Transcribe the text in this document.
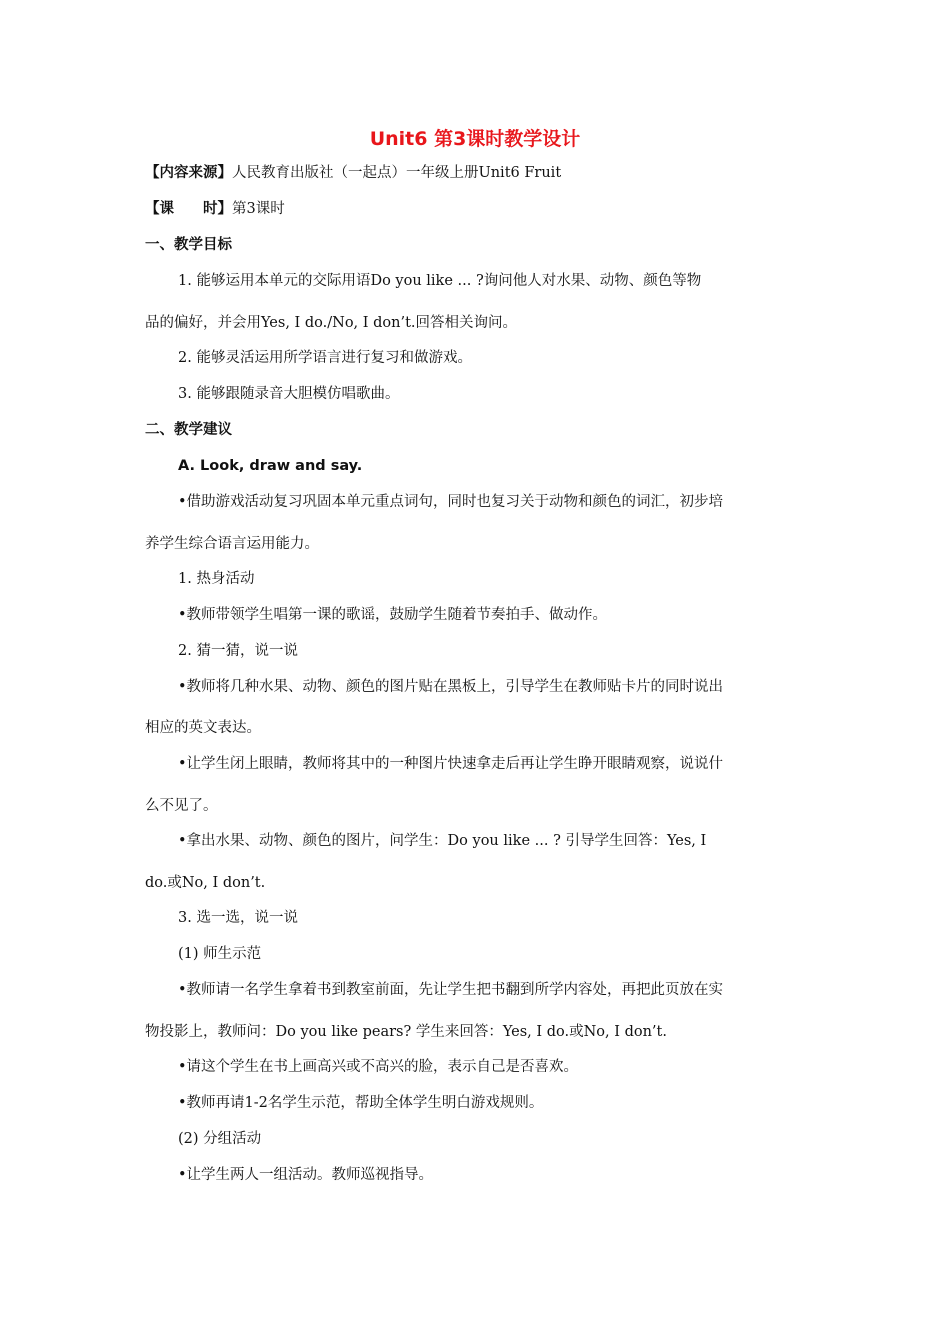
Unit6 第3课时教学设计
【内容来源】人民教育出版社（一起点）一年级上册Unit6 Fruit
【课　　时】第3课时
一、教学目标
1. 能够运用本单元的交际用语Do you like ... ?询问他人对水果、动物、颜色等物
品的偏好，并会用Yes, I do./No, I don’t.回答相关询问。
2. 能够灵活运用所学语言进行复习和做游戏。
3. 能够跟随录音大胆模仿唱歌曲。
二、教学建议
A. Look, draw and say.
•借助游戏活动复习巩固本单元重点词句，同时也复习关于动物和颜色的词汇，初步培
养学生综合语言运用能力。
1. 热身活动
•教师带领学生唱第一课的歌谣，鼓励学生随着节奏拍手、做动作。
2. 猜一猜，说一说
•教师将几种水果、动物、颜色的图片贴在黑板上，引导学生在教师贴卡片的同时说出
相应的英文表达。
•让学生闭上眼睛，教师将其中的一种图片快速拿走后再让学生睁开眼睛观察，说说什
么不见了。
•拿出水果、动物、颜色的图片，问学生：Do you like ... ? 引导学生回答：Yes, I
do.或No, I don’t.
3. 选一选，说一说
(1) 师生示范
•教师请一名学生拿着书到教室前面，先让学生把书翻到所学内容处，再把此页放在实
物投影上，教师问：Do you like pears? 学生来回答：Yes, I do.或No, I don’t.
•请这个学生在书上画高兴或不高兴的脸，表示自己是否喜欢。
•教师再请1-2名学生示范，帮助全体学生明白游戏规则。
(2) 分组活动
•让学生两人一组活动。教师巡视指导。
